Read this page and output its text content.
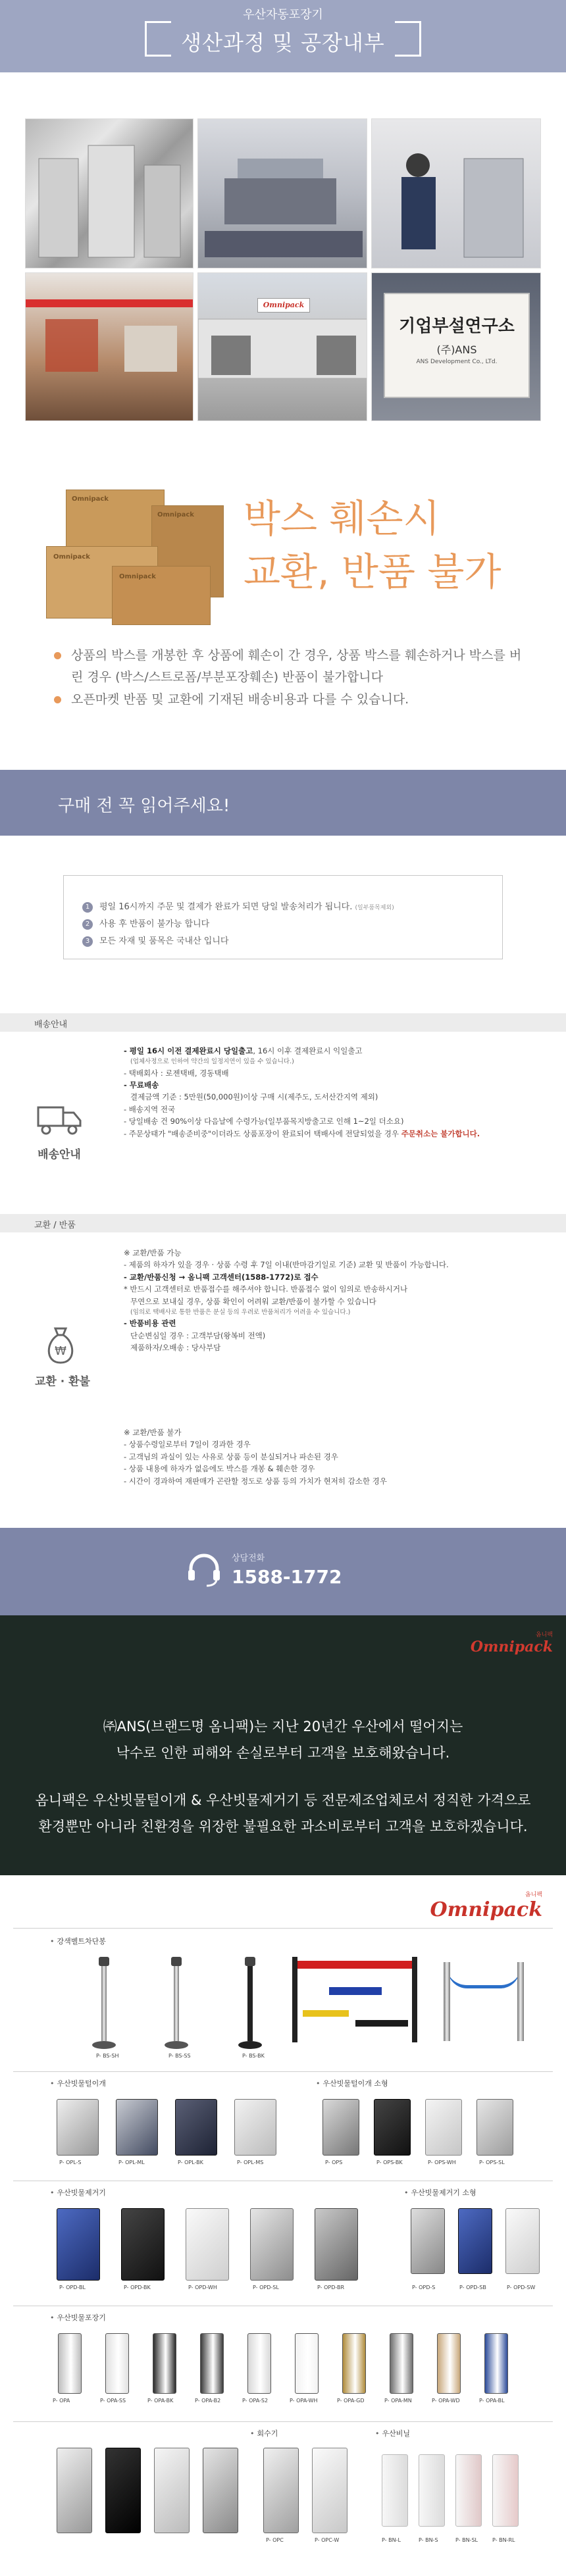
우산자동포장기
생산과정 및 공장내부
Omnipack
기업부설연구소
(주)ANS
ANS Development Co., LTd.
Omnipack
Omnipack
Omnipack
Omnipack
박스 훼손시
교환, 반품 불가
상품의 박스를 개봉한 후 상품에 훼손이 간 경우, 상품 박스를 훼손하거나 박스를 버린 경우 (박스/스트로폼/부분포장훼손) 반품이 불가합니다
오픈마켓 반품 및 교환에 기재된 배송비용과 다를 수 있습니다.
구매 전 꼭 읽어주세요!
1 평일 16시까지 주문 및 결제가 완료가 되면 당일 발송처리가 됩니다. (일부품목제외)
2 사용 후 반품이 불가능 합니다
3 모든 자재 및 품목은 국내산 입니다
배송안내
배송안내
- 평일 16시 이전 결제완료시 당일출고, 16시 이후 결제완료시 익일출고
(업체사정으로 인하여 약간의 일정지연이 있을 수 있습니다.)
- 택배회사 : 로젠택배, 경동택배
- 무료배송
결제금액 기준 : 5만원(50,000원)이상 구매 시(제주도, 도서산간지역 제외)
- 배송지역 전국
- 당일배송 건 90%이상 다음날에 수령가능(일부품목지방출고로 인해 1~2일 더소요)
- 주문상태가 "배송준비중"이더라도 상품포장이 완료되어 택배사에 전달되었을 경우 주문취소는 불가합니다.
교환 / 반품
₩
교환 · 환불
※ 교환/반품 가능
- 제품의 하자가 있을 경우 · 상품 수령 후 7일 이내(반마감기일로 기준) 교환 및 반품이 가능합니다.
- 교환/반품신청 → 옴니팩 고객센터(1588-1772)로 접수
* 반드시 고객센터로 반품접수를 해주셔야 합니다. 반품접수 없이 임의로 반송하시거나
무연으로 보내실 경우, 상품 확인이 어려워 교환/반품이 불가할 수 있습니다
(임의로 택배사로 통한 반품은 분실 등의 우려로 반품처리가 어려울 수 있습니다.)
- 반품비용 관련
단순변심일 경우 : 고객부담(왕복비 전액)
제품하자/오배송 : 당사부담
※ 교환/반품 불가
- 상품수령일로부터 7일이 경과한 경우
- 고객님의 과실이 있는 사유로 상품 등이 분실되거나 파손된 경우
- 상품 내용에 하자가 없음에도 박스를 개봉 & 훼손한 경우
- 시간이 경과하여 재판매가 곤란할 정도로 상품 등의 가치가 현저히 감소한 경우
상담전화
1588-1772
옴니팩
Omnipack
㈜ANS(브랜드명 옴니팩)는 지난 20년간 우산에서 떨어지는
낙수로 인한 피해와 손실로부터 고객을 보호해왔습니다.
옴니팩은 우산빗물털이개 & 우산빗물제거기 등 전문제조업체로서 정직한 가격으로
환경뿐만 아니라 친환경을 위장한 불필요한 과소비로부터 고객을 보호하겠습니다.
옴니팩
Omnipack
• 강색벨트차단봉
P- BS-SH	P- BS-SS	P- BS-BK
• 우산빗물털이개	• 우산빗물털이개 소형
P- OPL-S	P- OPL-ML	P- OPL-BK	P- OPL-MS	P- OPS	P- OPS-BK	P- OPS-WH	P- OPS-SL
• 우산빗물제거기	• 우산빗물제거기 소형
P- OPD-BL	P- OPD-BK	P- OPD-WH	P- OPD-SL	P- OPD-BR	P- OPD-S	P- OPD-SB	P- OPD-SW
• 우산빗물포장기
P- OPA	P- OPA-SS	P- OPA-BK	P- OPA-B2	P- OPA-S2	P- OPA-WH	P- OPA-GD	P- OPA-MN	P- OPA-WD	P- OPA-BL
• 회수기	• 우산비닐
P- OPC	P- OPC-W	P- BN-L	P- BN-S	P- BN-SL	P- BN-RL
